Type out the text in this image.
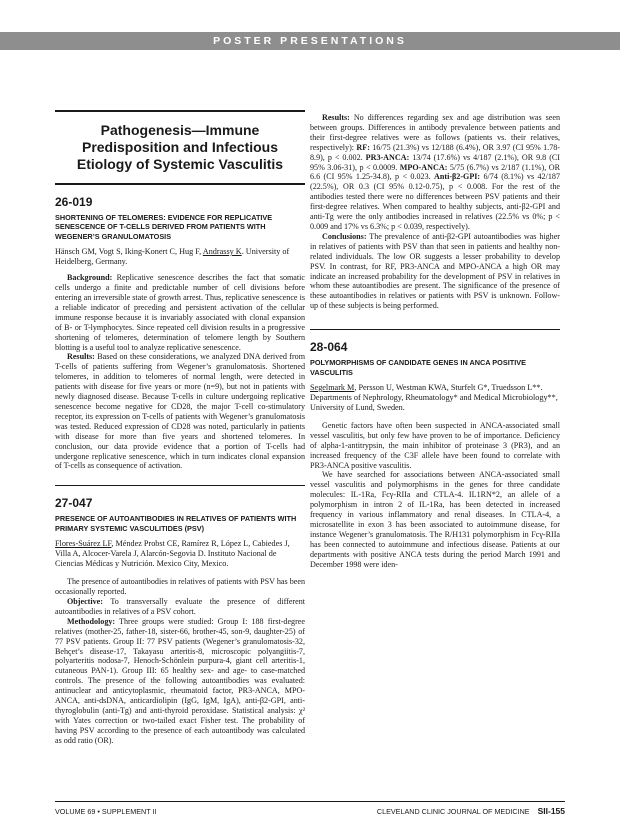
POSTER PRESENTATIONS
Pathogenesis—Immune Predisposition and Infectious Etiology of Systemic Vasculitis
26-019
SHORTENING OF TELOMERES: EVIDENCE FOR REPLICATIVE SENESCENCE OF T-CELLS DERIVED FROM PATIENTS WITH WEGENER’S GRANULOMATOSIS
Hänsch GM, Vogt S, Iking-Konert C, Hug F, Andrassy K. University of Heidelberg, Germany.

Background: Replicative senescence describes the fact that somatic cells undergo a finite and predictable number of cell divisions before entering an irreversible state of growth arrest. Thus, replicative senescence is a reliable indicator of preceding and persistent activation of the cellular immune response because it is invariably associated with clonal expansion of B- or T-lymphocytes. Since repeated cell division results in a progressive shortening of telomeres, determination of telomere length by Southern blotting is a useful tool to analyze replicative senescence.

Results: Based on these considerations, we analyzed DNA derived from T-cells of patients suffering from Wegener’s granulomatosis. Shortened telomeres, in addition to telomeres of normal length, were detected in patients with disease for five years or more (n=9), but not in patients with newly diagnosed disease. Because T-cells in culture undergoing replicative senescence become negative for CD28, the major T-cell co-stimulatory receptor, its expression on T-cells of patients with Wegener’s granulomatosis was tested. Reduced expression of CD28 was noted, particularly in patients with disease for more than five years and shortened telomeres. In conclusion, our data provide evidence that a portion of T-cells had undergone replicative senescence, which in turn indicates clonal expansion of T-cells as consequence of activation.

27-047
PRESENCE OF AUTOANTIBODIES IN RELATIVES OF PATIENTS WITH PRIMARY SYSTEMIC VASCULITIDES (PSV)
Flores-Suárez LF, Méndez Probst CE, Ramírez R, López L, Cabiedes J, Villa A, Alcocer-Varela J, Alarcón-Segovia D. Instituto Nacional de Ciencias Médicas y Nutrición. Mexico City, Mexico.

The presence of autoantibodies in relatives of patients with PSV has been occasionally reported.

Objective: To transversally evaluate the presence of different autoantibodies in relatives of a PSV cohort.

Methodology: Three groups were studied: Group I: 188 first-degree relatives (mother-25, father-18, sister-66, brother-45, son-9, daughter-25) of 77 PSV patients. Group II: 77 PSV patients (Wegener’s granulomatosis-32, Behçet’s disease-17, Takayasu arteritis-8, microscopic polyangiitis-7, polyarteritis nodosa-7, Henoch-Schönlein purpura-4, giant cell arteritis-1, cutaneous PAN-1). Group III: 65 healthy sex- and age- to case-matched controls. The presence of the following autoantibodies was evaluated: antinuclear and anticytoplasmic, rheumatoid factor, PR3-ANCA, MPO-ANCA, anti-dsDNA, anticardiolipin (IgG, IgM, IgA), anti-β2-GPI, anti-thyroglobulin (anti-Tg) and anti-thyroid peroxidase. Statistical analysis: χ² with Yates correction or two-tailed exact Fisher test. The probability of having PSV according to the presence of each autoantibody was calculated as odd ratio (OR).

Results: No differences regarding sex and age distribution was seen between groups. Differences in antibody prevalence between patients and their first-degree relatives were as follows (patients vs. their relatives, respectively): RF: 16/75 (21.3%) vs 12/188 (6.4%), OR 3.97 (CI 95% 1.78-8.9), p < 0.002. PR3-ANCA: 13/74 (17.6%) vs 4/187 (2.1%), OR 9.8 (CI 95% 3.06-31), p < 0.0009. MPO-ANCA: 5/75 (6.7%) vs 2/187 (1.1%), OR 6.6 (CI 95% 1.25-34.8), p < 0.023. Anti-β2-GPI: 6/74 (8.1%) vs 42/187 (22.5%), OR 0.3 (CI 95% 0.12-0.75), p < 0.008. For the rest of the antibodies tested there were no differences between PSV patients and their first-degree relatives. When compared to healthy subjects, anti-β2-GPI and anti-Tg were the only antibodies increased in relatives (22.5% vs 0%; p < 0.009 and 17% vs 6.3%; p < 0.039, respectively).

Conclusions: The prevalence of anti-β2-GPI autoantibodies was higher in relatives of patients with PSV than that seen in patients and healthy non-related individuals. The low OR suggests a lesser probability to develop PSV. In contrast, for RF, PR3-ANCA and MPO-ANCA a high OR may indicate an increased probability for the development of PSV in relatives in whom these autoantibodies are present. The significance of the presence of these autoantibodies in relatives or patients with PSV is unknown. Follow-up of these subjects is being performed.

28-064
POLYMORPHISMS OF CANDIDATE GENES IN ANCA POSITIVE VASCULITIS
Segelmark M, Persson U, Westman KWA, Sturfelt G*, Truedsson L**. Departments of Nephrology, Rheumatology* and Medical Microbiology**, University of Lund, Sweden.

Genetic factors have often been suspected in ANCA-associated small vessel vasculitis, but only few have proven to be of importance. Deficiency of alpha-1-antitrypsin, the main inhibitor of proteinase 3 (PR3), and an increased frequency of the C3F allele have been found to correlate with PR3-ANCA positive vasculitis.

We have searched for associations between ANCA-associated small vessel vasculitis and polymorphisms in the genes for three candidate molecules: IL-1Ra, Fcγ-RIIa and CTLA-4. IL1RN*2, an allele of a polymorphism in intron 2 of IL-1Ra, has been detected in increased frequency in various inflammatory and renal diseases. In CTLA-4, a microsatellite in exon 3 has been associated to autoimmune disease, for instance Wegener’s granulomatosis. The R/H131 polymorphism in Fcγ-RIIa has been connected to autoimmune and infectious disease. Patients at our departments with positive ANCA tests during the period March 1991 and December 1998 were iden-

VOLUME 69 • SUPPLEMENT II	CLEVELAND CLINIC JOURNAL OF MEDICINE SII-155
